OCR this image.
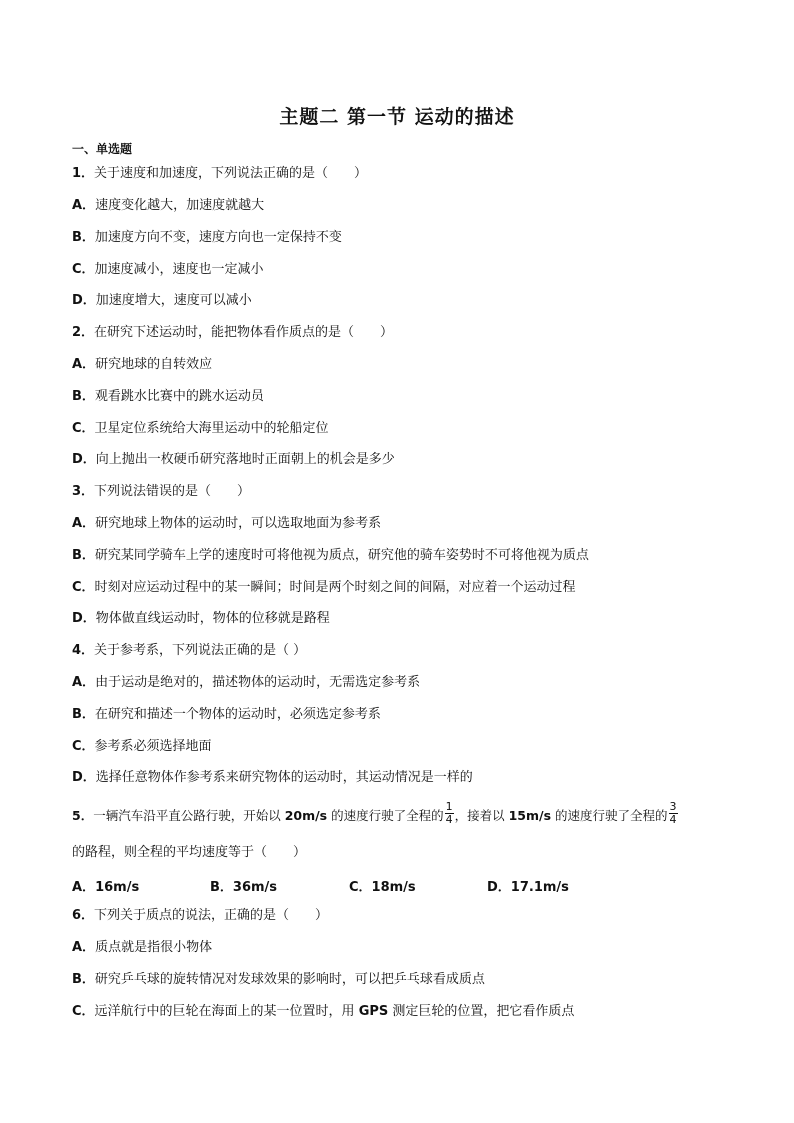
主题二 第一节 运动的描述
一、单选题
1．关于速度和加速度，下列说法正确的是（　　）
A．速度变化越大，加速度就越大
B．加速度方向不变，速度方向也一定保持不变
C．加速度减小，速度也一定减小
D．加速度增大，速度可以减小
2．在研究下述运动时，能把物体看作质点的是（　　）
A．研究地球的自转效应
B．观看跳水比赛中的跳水运动员
C．卫星定位系统给大海里运动中的轮船定位
D．向上抛出一枚硬币研究落地时正面朝上的机会是多少
3．下列说法错误的是（　　）
A．研究地球上物体的运动时，可以选取地面为参考系
B．研究某同学骑车上学的速度时可将他视为质点，研究他的骑车姿势时不可将他视为质点
C．时刻对应运动过程中的某一瞬间；时间是两个时刻之间的间隔，对应着一个运动过程
D．物体做直线运动时，物体的位移就是路程
4．关于参考系，下列说法正确的是（ ）
A．由于运动是绝对的，描述物体的运动时，无需选定参考系
B．在研究和描述一个物体的运动时，必须选定参考系
C．参考系必须选择地面
D．选择任意物体作参考系来研究物体的运动时，其运动情况是一样的
5．一辆汽车沿平直公路行驶，开始以 20m/s 的速度行驶了全程的 $\frac{1}{4}$ ，接着以 15m/s 的速度行驶了全程的 $\frac{3}{4}$
的路程，则全程的平均速度等于（　　）
A．16m/s	B．36m/s	C．18m/s	D．17.1m/s
6．下列关于质点的说法，正确的是（　　）
A．质点就是指很小物体
B．研究乒乓球的旋转情况对发球效果的影响时，可以把乒乓球看成质点
C．远洋航行中的巨轮在海面上的某一位置时，用 GPS 测定巨轮的位置，把它看作质点
